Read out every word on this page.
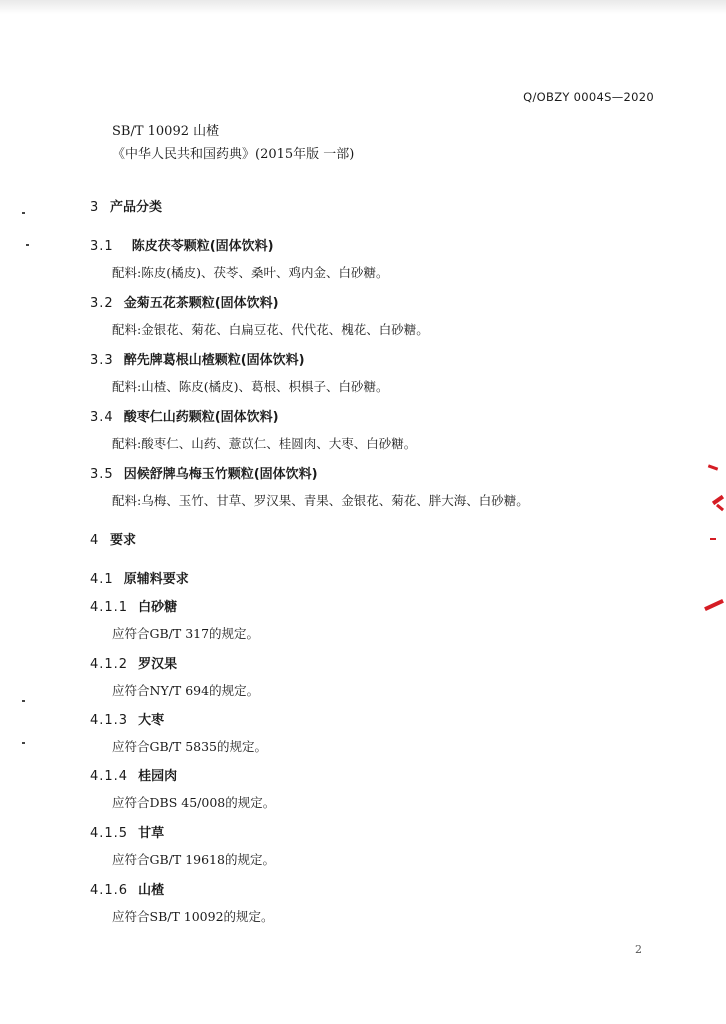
Q/OBZY 0004S—2020
SB/T 10092 山楂
《中华人民共和国药典》(2015年版 一部)
3 产品分类
3.1 陈皮茯苓颗粒(固体饮料)
配料:陈皮(橘皮)、茯苓、桑叶、鸡内金、白砂糖。
3.2 金菊五花茶颗粒(固体饮料)
配料:金银花、菊花、白扁豆花、代代花、槐花、白砂糖。
3.3 醉先牌葛根山楂颗粒(固体饮料)
配料:山楂、陈皮(橘皮)、葛根、枳椇子、白砂糖。
3.4 酸枣仁山药颗粒(固体饮料)
配料:酸枣仁、山药、薏苡仁、桂圆肉、大枣、白砂糖。
3.5 因候舒牌乌梅玉竹颗粒(固体饮料)
配料:乌梅、玉竹、甘草、罗汉果、青果、金银花、菊花、胖大海、白砂糖。
4 要求
4.1 原辅料要求
4.1.1 白砂糖
应符合GB/T 317的规定。
4.1.2 罗汉果
应符合NY/T 694的规定。
4.1.3 大枣
应符合GB/T 5835的规定。
4.1.4 桂园肉
应符合DBS 45/008的规定。
4.1.5 甘草
应符合GB/T 19618的规定。
4.1.6 山楂
应符合SB/T 10092的规定。
2
